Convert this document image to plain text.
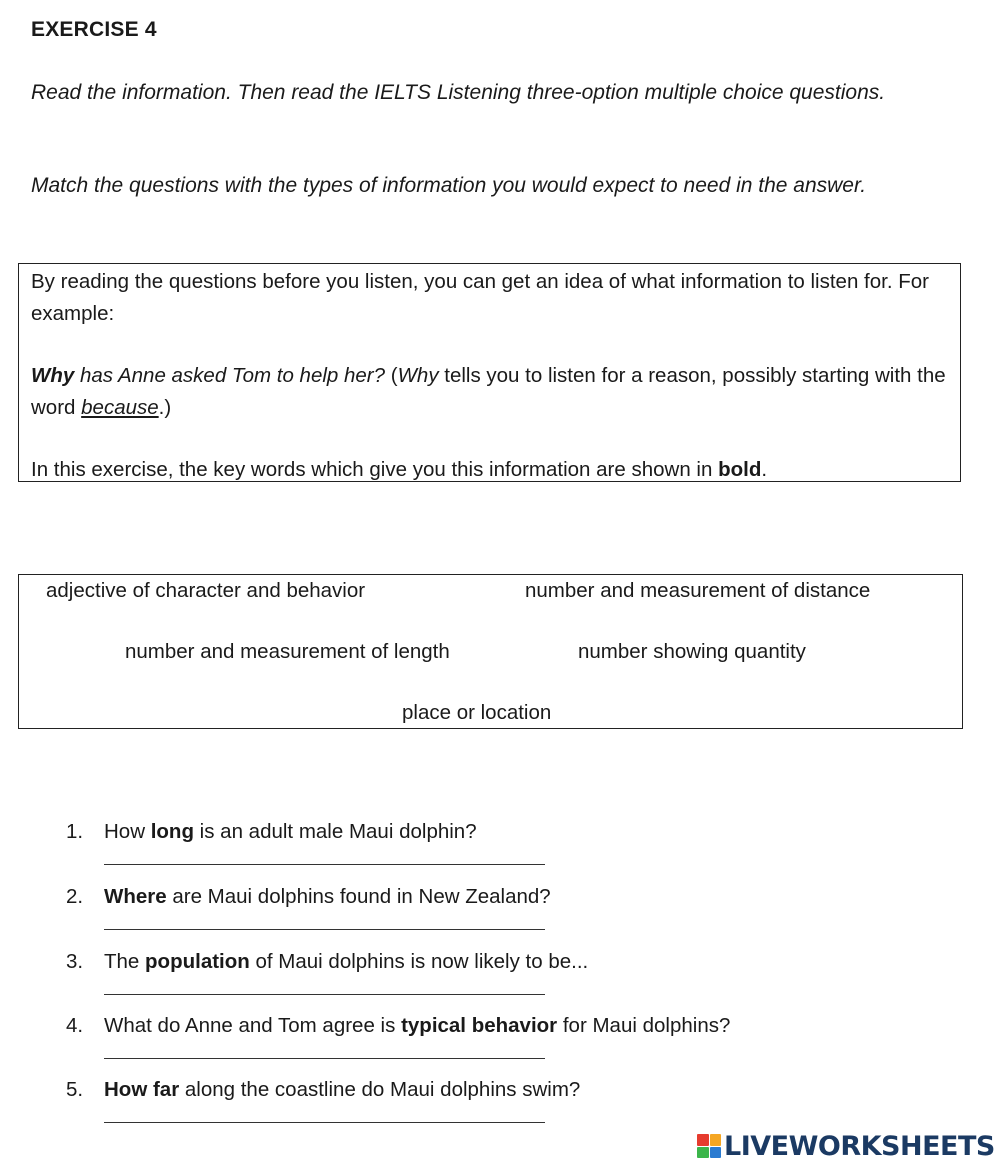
EXERCISE 4
Read the information. Then read the IELTS Listening three-option multiple choice questions.
Match the questions with the types of information you would expect to need in the answer.

By reading the questions before you listen, you can get an idea of what information to listen for. For example:

Why has Anne asked Tom to help her? (Why tells you to listen for a reason, possibly starting with the word because.)

In this exercise, the key words which give you this information are shown in bold.

adjective of character and behavior	number and measurement of distance
number and measurement of length	number showing quantity
place or location
1. How long is an adult male Maui dolphin?
2. Where are Maui dolphins found in New Zealand?
3. The population of Maui dolphins is now likely to be...
4. What do Anne and Tom agree is typical behavior for Maui dolphins?
5. How far along the coastline do Maui dolphins swim?
LIVEWORKSHEETS
